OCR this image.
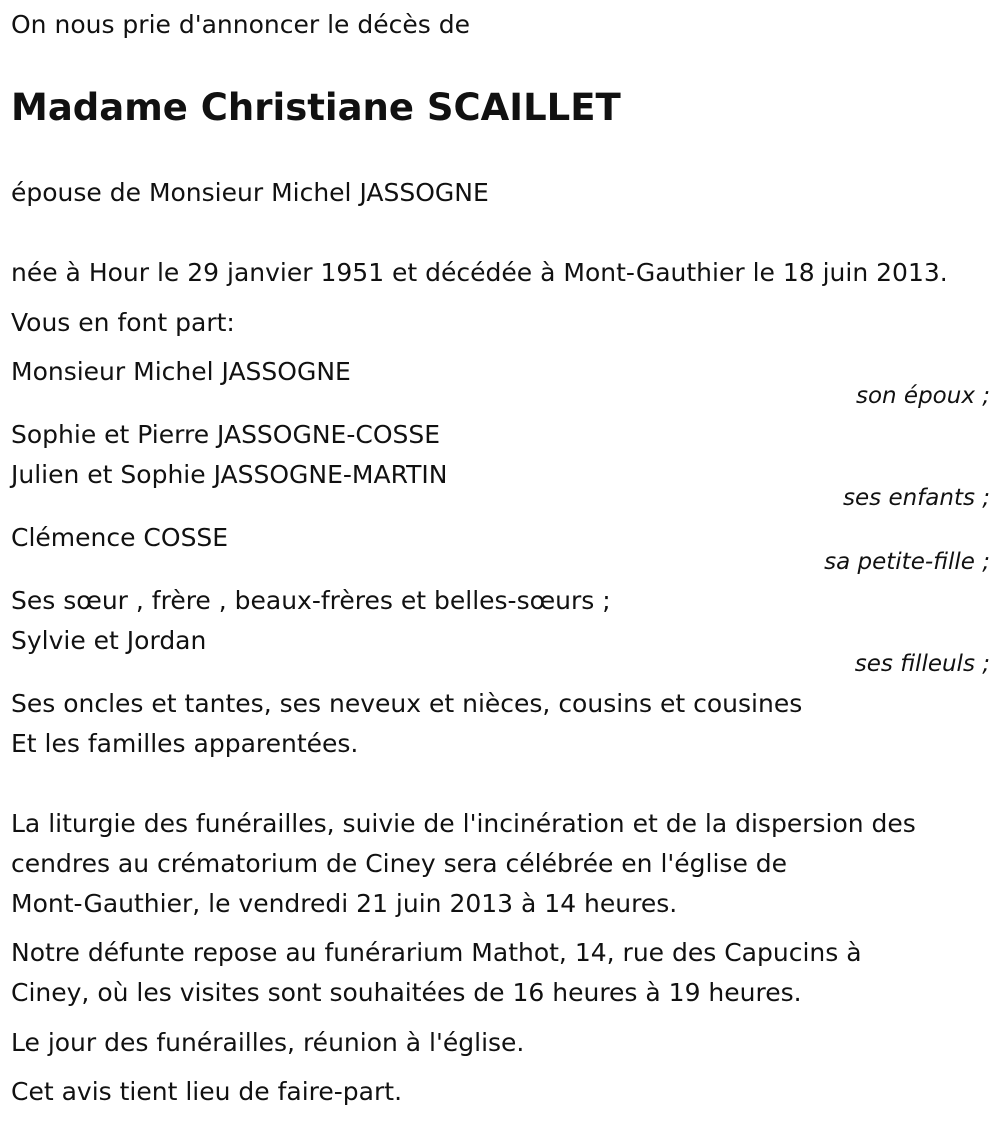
On nous prie d'annoncer le décès de

Madame Christiane SCAILLET

épouse de Monsieur Michel JASSOGNE

née à Hour le 29 janvier 1951 et décédée à Mont-Gauthier le 18 juin 2013.

Vous en font part:

Monsieur Michel JASSOGNE

son époux ;

Sophie et Pierre JASSOGNE-COSSE

Julien et Sophie JASSOGNE-MARTIN

ses enfants ;

Clémence COSSE

sa petite-fille ;

Ses sœur , frère , beaux-frères et belles-sœurs ;

Sylvie et Jordan

ses filleuls ;

Ses oncles et tantes, ses neveux et nièces, cousins et cousines

Et les familles apparentées.

La liturgie des funérailles, suivie de l'incinération et de la dispersion des

cendres au crématorium de Ciney sera célébrée en l'église de

Mont-Gauthier, le vendredi 21 juin 2013 à 14 heures.

Notre défunte repose au funérarium Mathot, 14, rue des Capucins à

Ciney, où les visites sont souhaitées de 16 heures à 19 heures.

Le jour des funérailles, réunion à l'église.

Cet avis tient lieu de faire-part.
